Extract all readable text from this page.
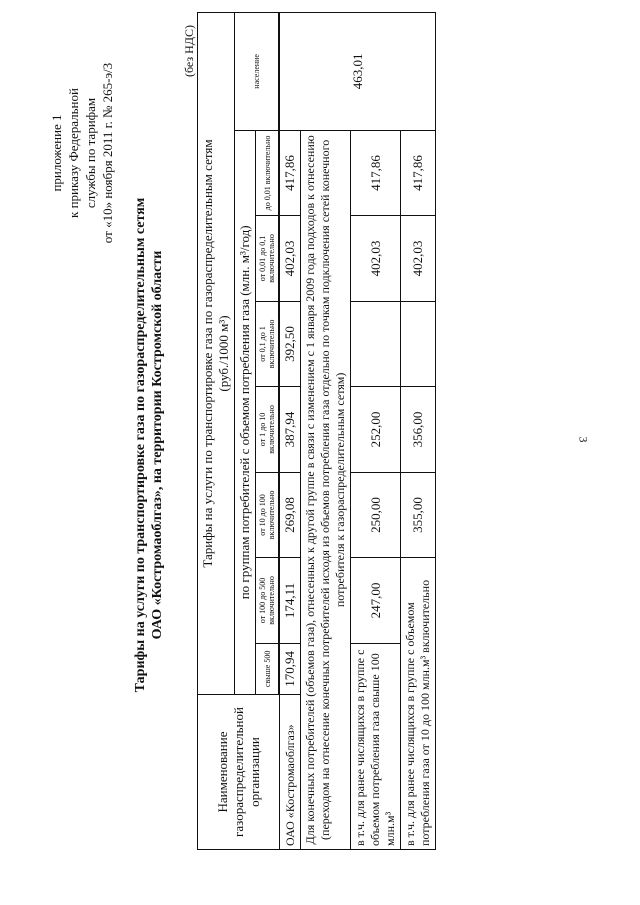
приложение 1 к приказу Федеральной службы по тарифам от «10» ноября 2011 г. № 265-э/3
Тарифы на услуги по транспортировке газа по газораспределительным сетям ОАО «Костромаоблгаз», на территории Костромской области
(без НДС)
Наименование газораспределительной организации	Тарифы на услуги по транспортировке газа по газораспределительным сетям (руб./1000 м³)							

	по группам потребителей с объемом потребления газа (млн. м³/год)							население
	свыше 500	от 100 до 500 включительно	от 10 до 100 включительно	от 1 до 10 включительно	от 0,1 до 1 включительно	от 0,01 до 0,1 включительно	до 0,01 включительно	

ОАО «Костромаоблгаз»	170,94	174,11	269,08	387,94	392,50	402,03	417,86	463,01
Для конечных потребителей (объемов газа), отнесенных к другой группе в связи с изменением с 1 января 2009 года подходов к отнесению (переходом на отнесение конечных потребителей исходя из объемов потребления газа отдельно по точкам подключения сетей конечного потребителя к газораспределительным сетям)								
в т.ч. для ранее числящихся в группе с объемом потребления газа свыше 100 млн.м³		247,00	250,00	252,00		402,03	417,86	
в т.ч. для ранее числящихся в группе с объемом потребления газа от 10 до 100 млн.м³ включительно			355,00	356,00		402,03	417,86	
3
